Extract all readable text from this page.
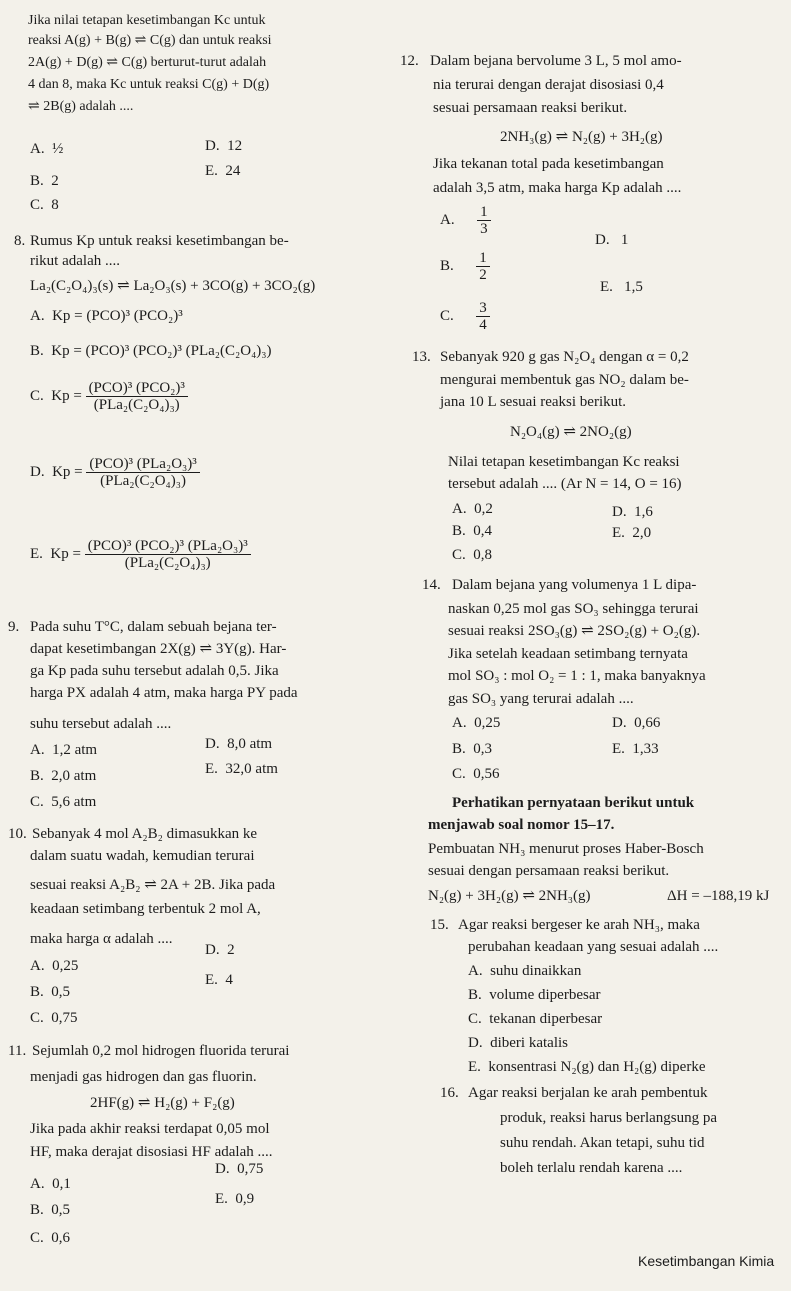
Jika nilai tetapan kesetimbangan Kc untuk
reaksi A(g) + B(g) ⇌ C(g) dan untuk reaksi
2A(g) + D(g) ⇌ C(g) berturut-turut adalah
4 dan 8, maka Kc untuk reaksi C(g) + D(g)
⇌ 2B(g) adalah ....
A.  ½
B.  2
C.  8
D.  12
E.  24
8. Rumus Kp untuk reaksi kesetimbangan be-
rikut adalah ....
La₂(C₂O₄)₃(s) ⇌ La₂O₃(s) + 3CO(g) + 3CO₂(g)
A.  Kp = (PCO)³ (PCO₂)³
B.  Kp = (PCO)³ (PCO₂)³ (PLa₂(C₂O₄)₃)
C.  $Kp = \frac{\text{(PCO)³ (PCO₂)³}}{\text{(PLa₂(C₂O₄)₃)}}$
D.  $Kp = \frac{\text{(PCO)³ (PLa₂O₃)³}}{\text{(PLa₂(C₂O₄)₃)}}$
E.  $Kp = \frac{\text{(PCO)³ (PCO₂)³ (PLa₂O₃)³}}{\text{(PLa₂(C₂O₄)₃)}}$
9. Pada suhu T°C, dalam sebuah bejana ter-
dapat kesetimbangan 2X(g) ⇌ 3Y(g). Har-
ga Kp pada suhu tersebut adalah 0,5. Jika
harga PX adalah 4 atm, maka harga PY pada
suhu tersebut adalah ....
A.  1,2 atm
B.  2,0 atm
C.  5,6 atm
D.  8,0 atm
E.  32,0 atm
10. Sebanyak 4 mol A₂B₂ dimasukkan ke
dalam suatu wadah, kemudian terurai
sesuai reaksi A₂B₂ ⇌ 2A + 2B. Jika pada
keadaan setimbang terbentuk 2 mol A,
maka harga α adalah ....
A.  0,25
B.  0,5
C.  0,75
D.  2
E.  4
11. Sejumlah 0,2 mol hidrogen fluorida terurai
menjadi gas hidrogen dan gas fluorin.
2HF(g) ⇌ H₂(g) + F₂(g)
Jika pada akhir reaksi terdapat 0,05 mol
HF, maka derajat disosiasi HF adalah ....
A.  0,1
B.  0,5
C.  0,6
D.  0,75
E.  0,9
12. Dalam bejana bervolume 3 L, 5 mol amo-
nia terurai dengan derajat disosiasi 0,4
sesuai persamaan reaksi berikut.
2NH₃(g) ⇌ N₂(g) + 3H₂(g)
Jika tekanan total pada kesetimbangan
adalah 3,5 atm, maka harga Kp adalah ....
A. $\frac{1}{3}$
B. $\frac{1}{2}$
C. $\frac{3}{4}$
D.   1
E.   1,5
13. Sebanyak 920 g gas N₂O₄ dengan α = 0,2
mengurai membentuk gas NO₂ dalam be-
jana 10 L sesuai reaksi berikut.
N₂O₄(g) ⇌ 2NO₂(g)
Nilai tetapan kesetimbangan Kc reaksi
tersebut adalah .... (Ar N = 14, O = 16)
A.  0,2
B.  0,4
C.  0,8
D.  1,6
E.  2,0
14. Dalam bejana yang volumenya 1 L dipa-
naskan 0,25 mol gas SO₃ sehingga terurai
sesuai reaksi 2SO₃(g) ⇌ 2SO₂(g) + O₂(g).
Jika setelah keadaan setimbang ternyata
mol SO₃ : mol O₂ = 1 : 1, maka banyaknya
gas SO₃ yang terurai adalah ....
A.  0,25
B.  0,3
C.  0,56
D.  0,66
E.  1,33
Perhatikan pernyataan berikut untuk
menjawab soal nomor 15–17.
Pembuatan NH₃ menurut proses Haber-Bosch
sesuai dengan persamaan reaksi berikut.
N₂(g) + 3H₂(g) ⇌ 2NH₃(g)	ΔH = –188,19 kJ
15. Agar reaksi bergeser ke arah NH₃, maka
perubahan keadaan yang sesuai adalah ....
A.  suhu dinaikkan
B.  volume diperbesar
C.  tekanan diperbesar
D.  diberi katalis
E.  konsentrasi N₂(g) dan H₂(g) diperke
16. Agar reaksi berjalan ke arah pembentuk
produk, reaksi harus berlangsung pa
suhu rendah. Akan tetapi, suhu tid
boleh terlalu rendah karena ....
Kesetimbangan Kimia
